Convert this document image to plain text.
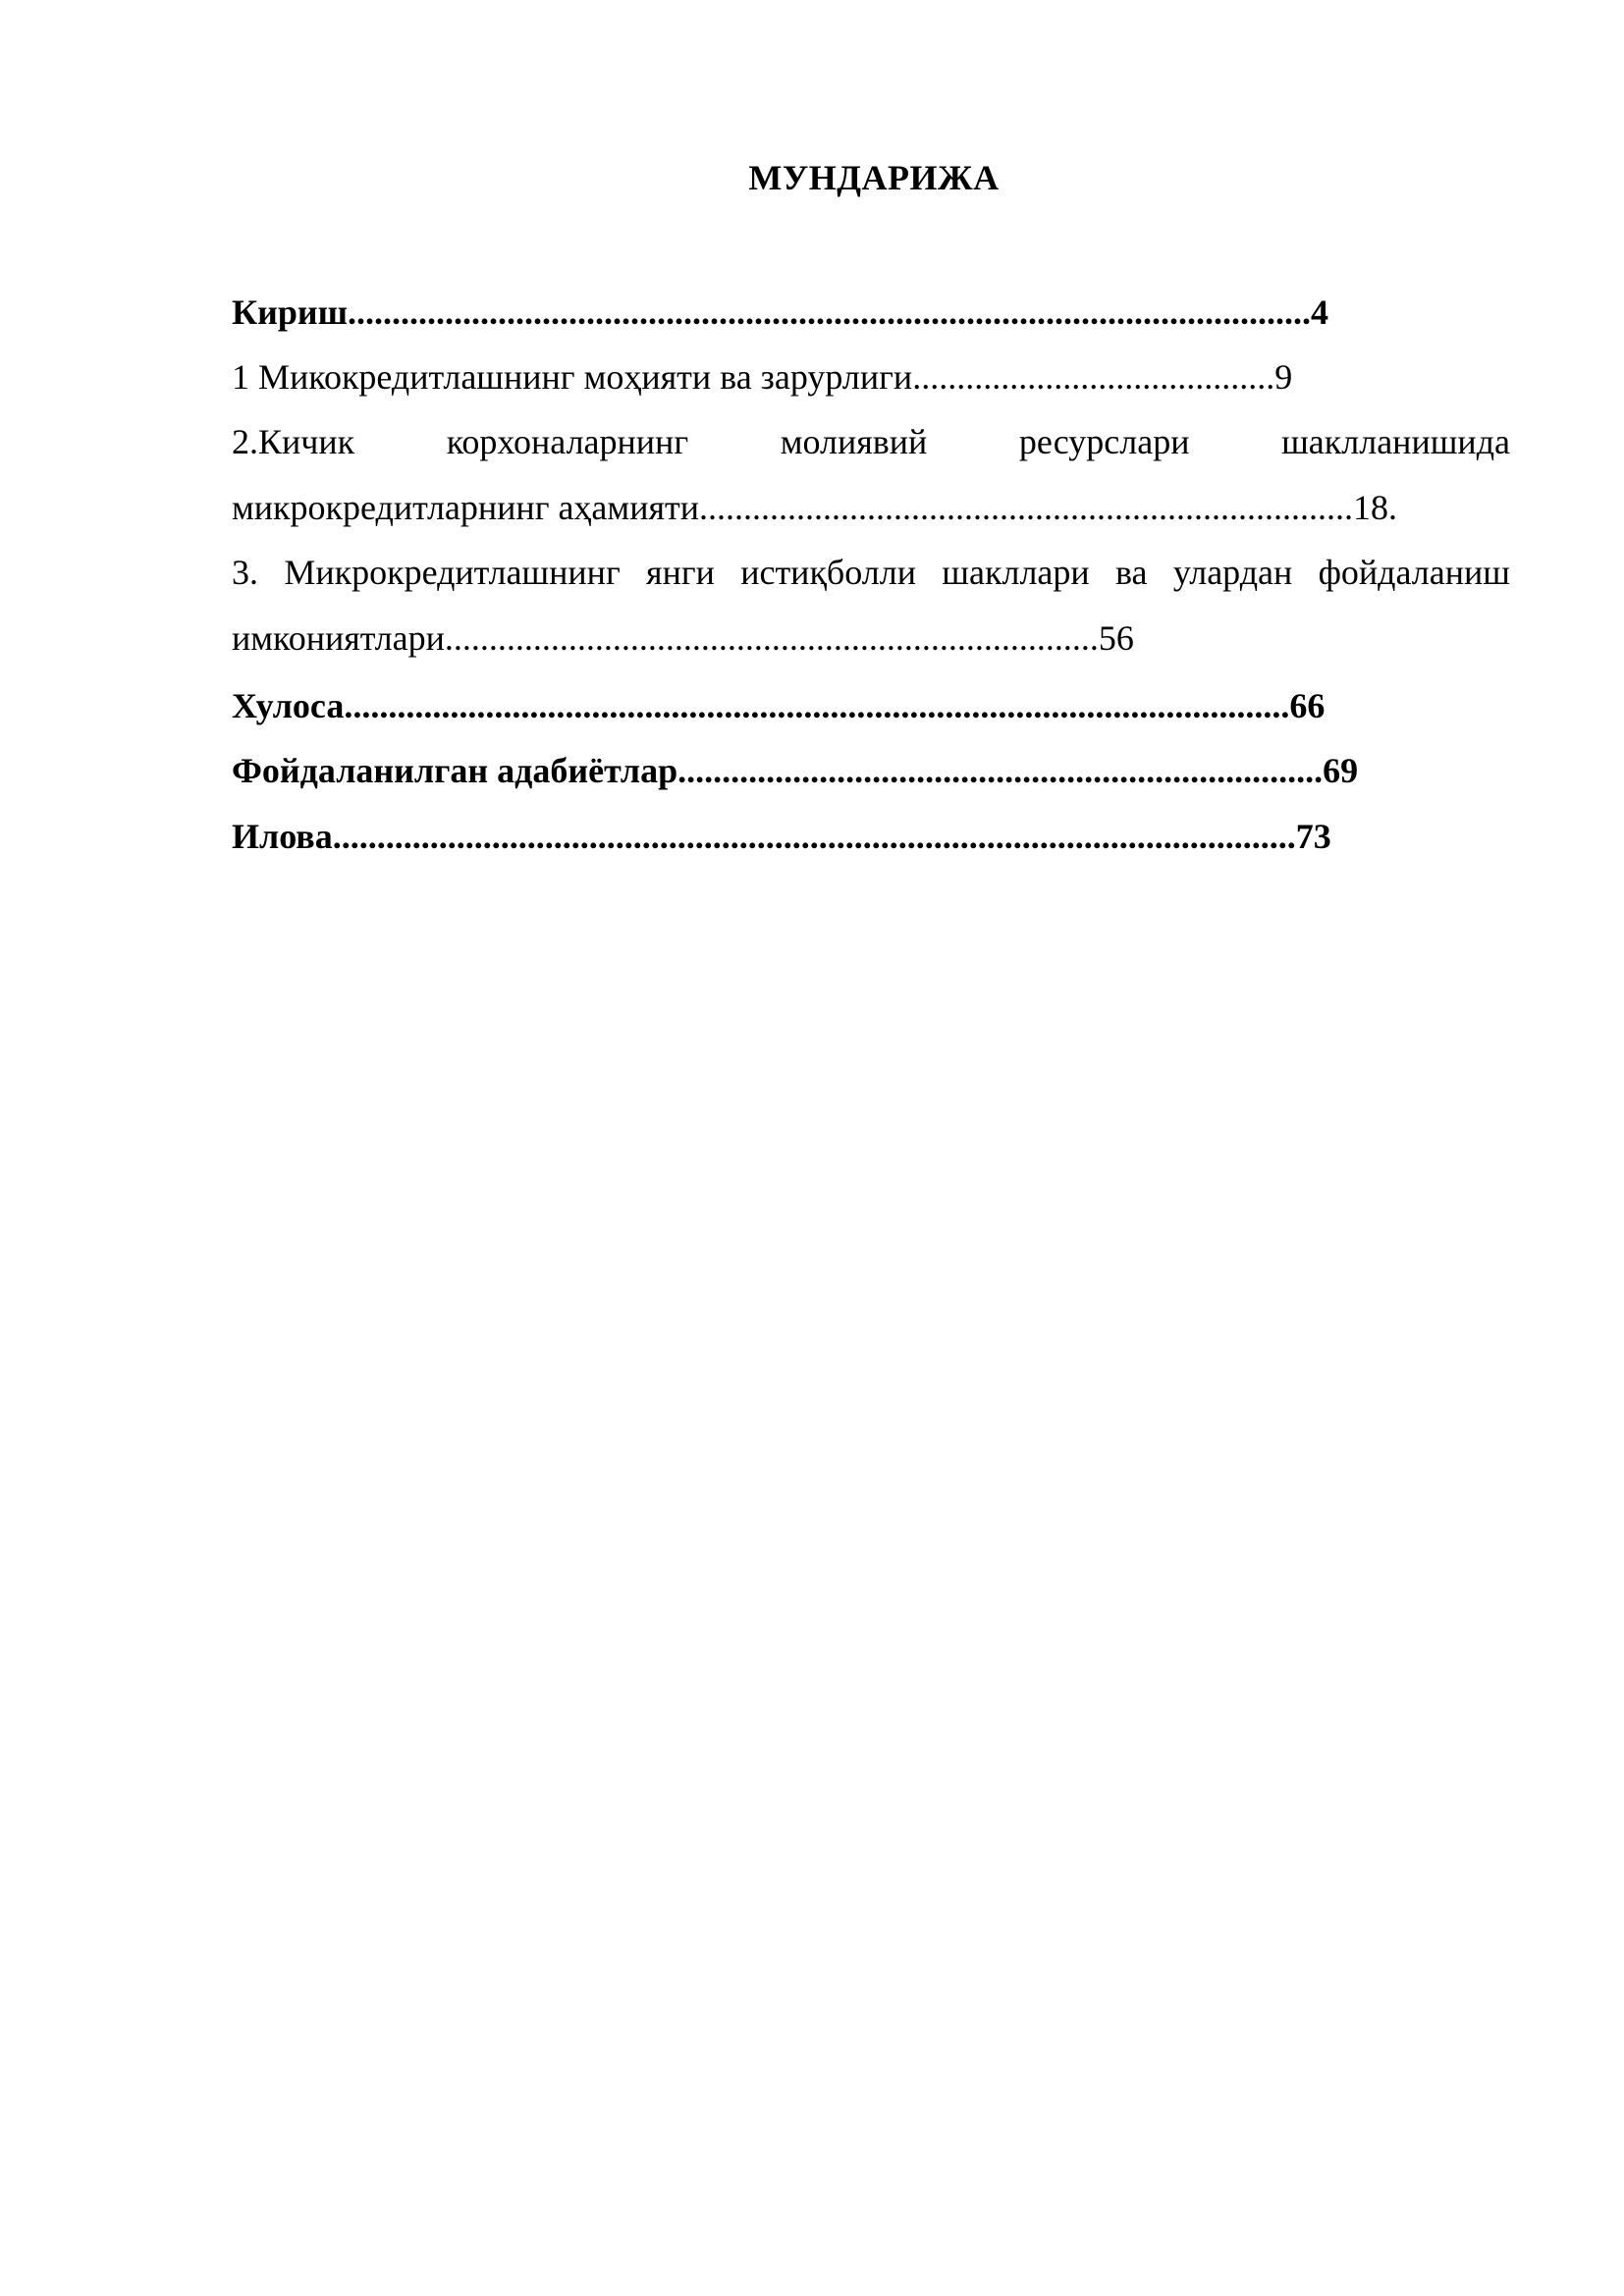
МУНДАРИЖА
Кириш.............................................................................................................4
1 Микокредитлашнинг моҳияти ва зарурлиги.........................................9
2.Кичик	корхоналарнинг	молиявий	ресурслари	шаклланишида
микрокредитларнинг аҳамияти..........................................................................18.
3. Микрокредитлашнинг янги истиқболли шакллари ва улардан фойдаланиш
имкониятлари..........................................................................56
Хулоса...........................................................................................................66
Фойдаланилган адабиётлар.........................................................................69
Илова.............................................................................................................73
